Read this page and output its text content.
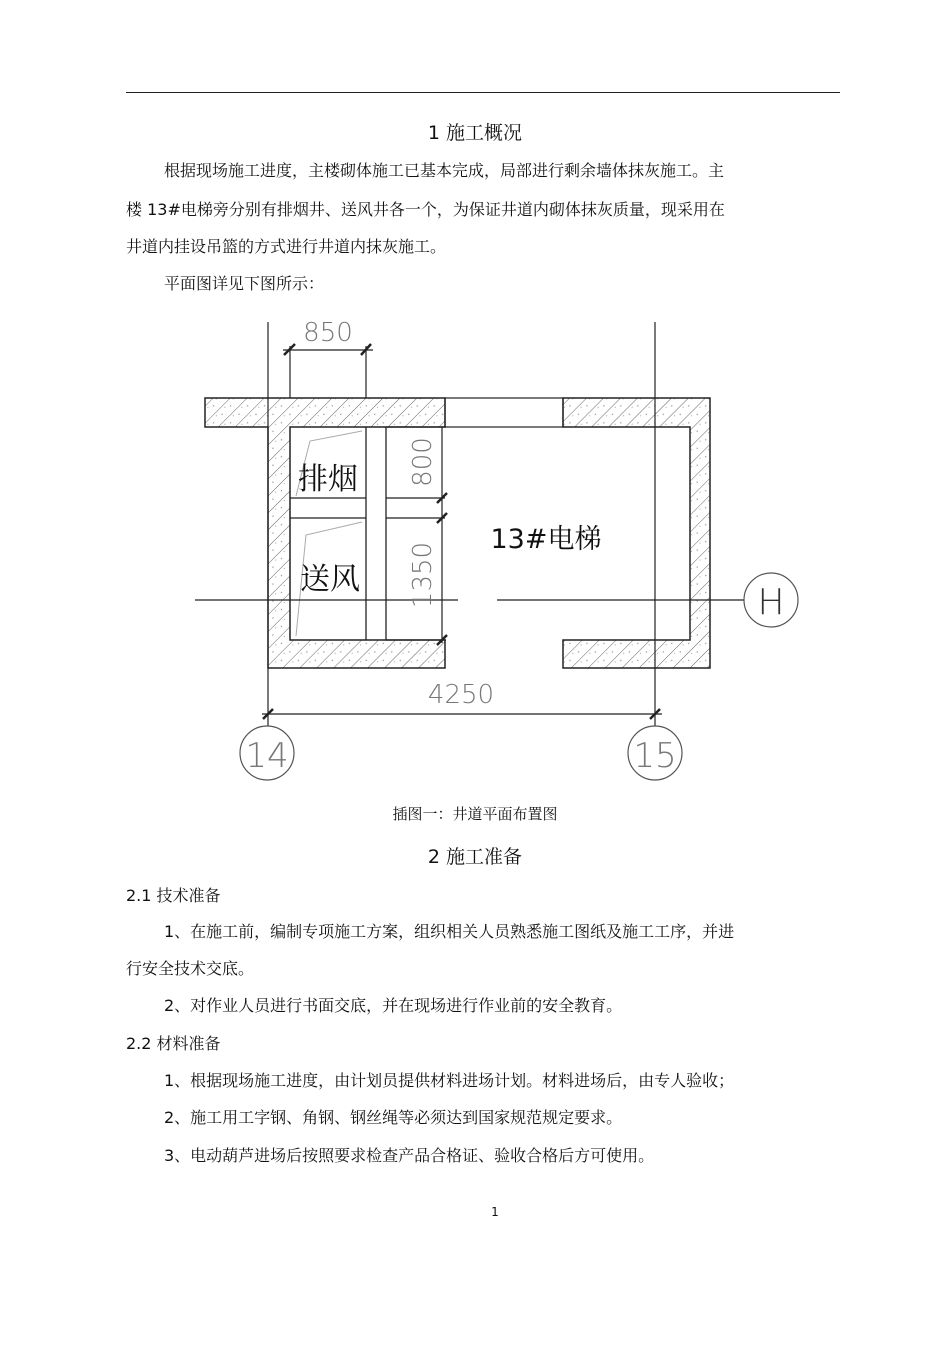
1 施工概况
根据现场施工进度，主楼砌体施工已基本完成，局部进行剩余墙体抹灰施工。主
楼 13#电梯旁分别有排烟井、送风井各一个，为保证井道内砌体抹灰质量，现采用在
井道内挂设吊篮的方式进行井道内抹灰施工。
平面图详见下图所示：
850
800
1350
4250
排烟
送风
13#电梯
H
14	15
插图一：井道平面布置图
2 施工准备
2.1 技术准备
1、在施工前，编制专项施工方案，组织相关人员熟悉施工图纸及施工工序，并进
行安全技术交底。
2、对作业人员进行书面交底，并在现场进行作业前的安全教育。
2.2 材料准备
1、根据现场施工进度，由计划员提供材料进场计划。材料进场后，由专人验收；
2、施工用工字钢、角钢、钢丝绳等必须达到国家规范规定要求。
3、电动葫芦进场后按照要求检查产品合格证、验收合格后方可使用。
1
